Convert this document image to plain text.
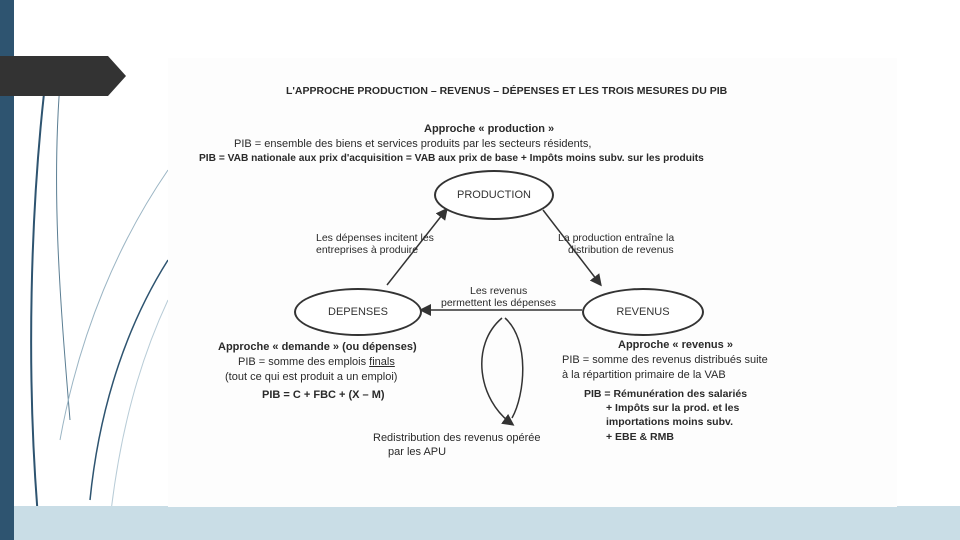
L'APPROCHE PRODUCTION – REVENUS – DÉPENSES ET LES TROIS MESURES DU PIB
Approche « production »
PIB = ensemble des biens et services produits par les secteurs résidents,
PIB = VAB nationale aux prix d'acquisition = VAB aux prix de base + Impôts moins subv. sur les produits
PRODUCTION
DEPENSES	REVENUS
Les dépenses incitent les
entreprises à produire
La production entraîne la
distribution de revenus
Les revenus
permettent les dépenses
Approche « demande » (ou dépenses)
PIB = somme des emplois finals
(tout ce qui est produit a un emploi)
PIB = C + FBC + (X – M)
Approche « revenus »
PIB = somme des revenus distribués suite
à la répartition primaire de la VAB
PIB = Rémunération des salariés
+ Impôts sur la prod. et les
importations moins subv.
+ EBE & RMB
Redistribution des revenus opérée
par les APU
